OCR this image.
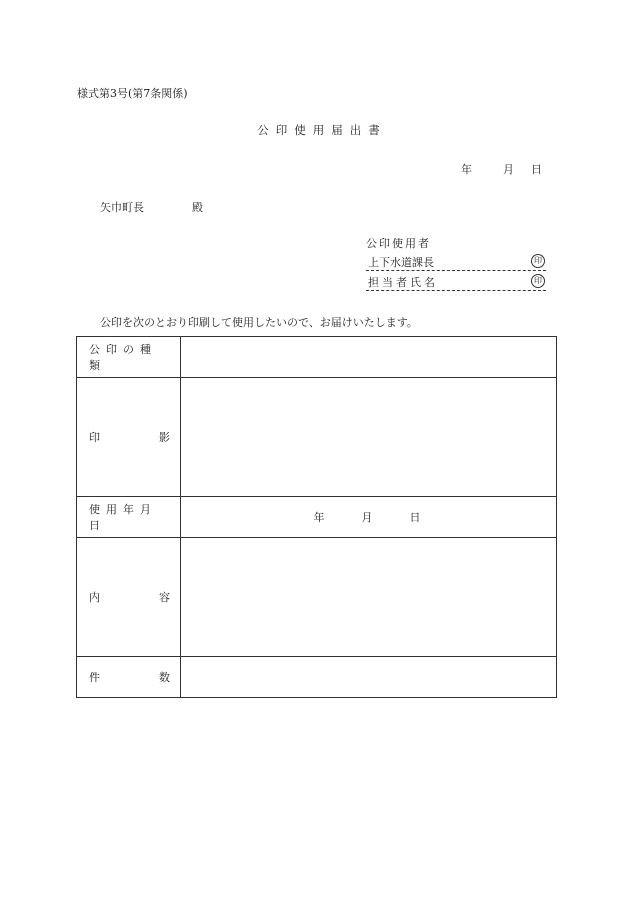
様式第3号(第7条関係)
公印使用届出書
年	月 日
矢巾町長	殿
公印使用者
上下水道課長	印
担当者氏名	印
公印を次のとおり印刷して使用したいので、お届けいたします。
公印の種類	

印 影	

使用年月日	年 月 日

内 容	

件 数	
